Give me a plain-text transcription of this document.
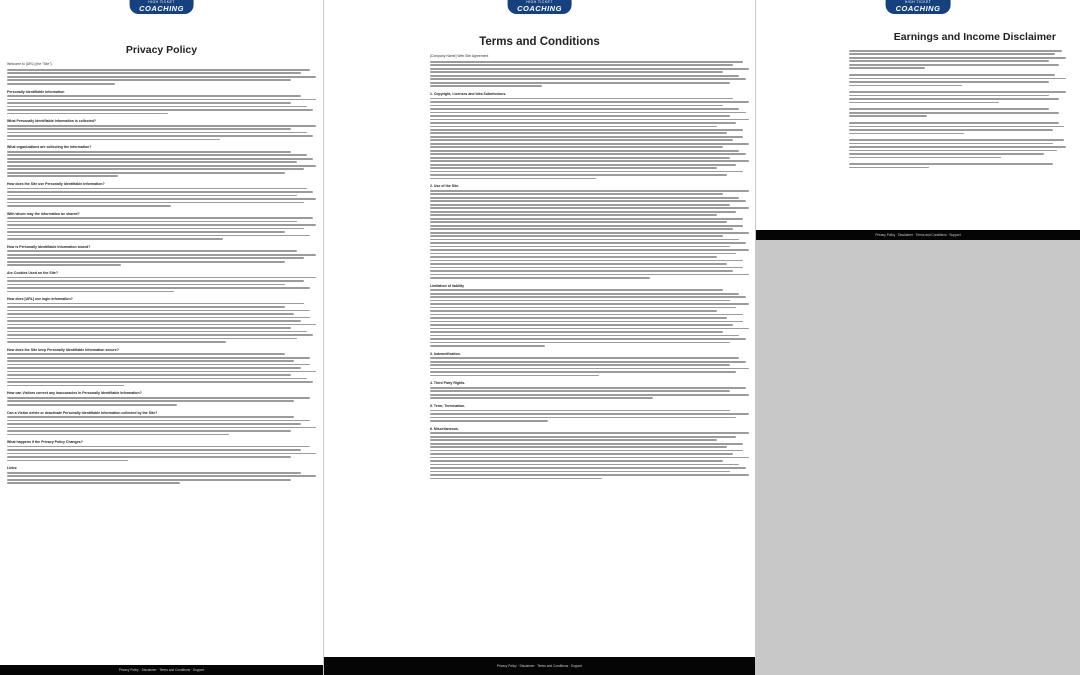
HIGH TICKET
COACHING
Privacy Policy

Welcome to [URL] (the "Site").

Personally Identifiable Information
What Personally Identifiable Information is collected?
What organizations are collecting the information?
How does the Site use Personally Identifiable Information?
With whom may the information be shared?
How is Personally Identifiable Information stored?
Are Cookies Used on the Site?
How does [URL] use login information?
How does the Site keep Personally Identifiable Information secure?
How can Visitors correct any inaccuracies in Personally Identifiable Information?
Can a Visitor delete or deactivate Personally Identifiable Information collected by the Site?
What happens if the Privacy Policy Changes?
Links:
Privacy Policy · Disclaimer · Terms and Conditions · Support
HIGH TICKET
COACHING
Terms and Conditions

[Company Name] Web Site Agreement

1. Copyright, Licenses and Idea Submissions.
2. Use of the Site.
Limitation of liability
3. Indemnification.
4. Third Party Rights.
5. Term; Termination.
6. Miscellaneous.
Privacy Policy · Disclaimer · Terms and Conditions · Support
HIGH TICKET
COACHING
Earnings and Income Disclaimer
Privacy Policy · Disclaimer · Terms and Conditions · Support
